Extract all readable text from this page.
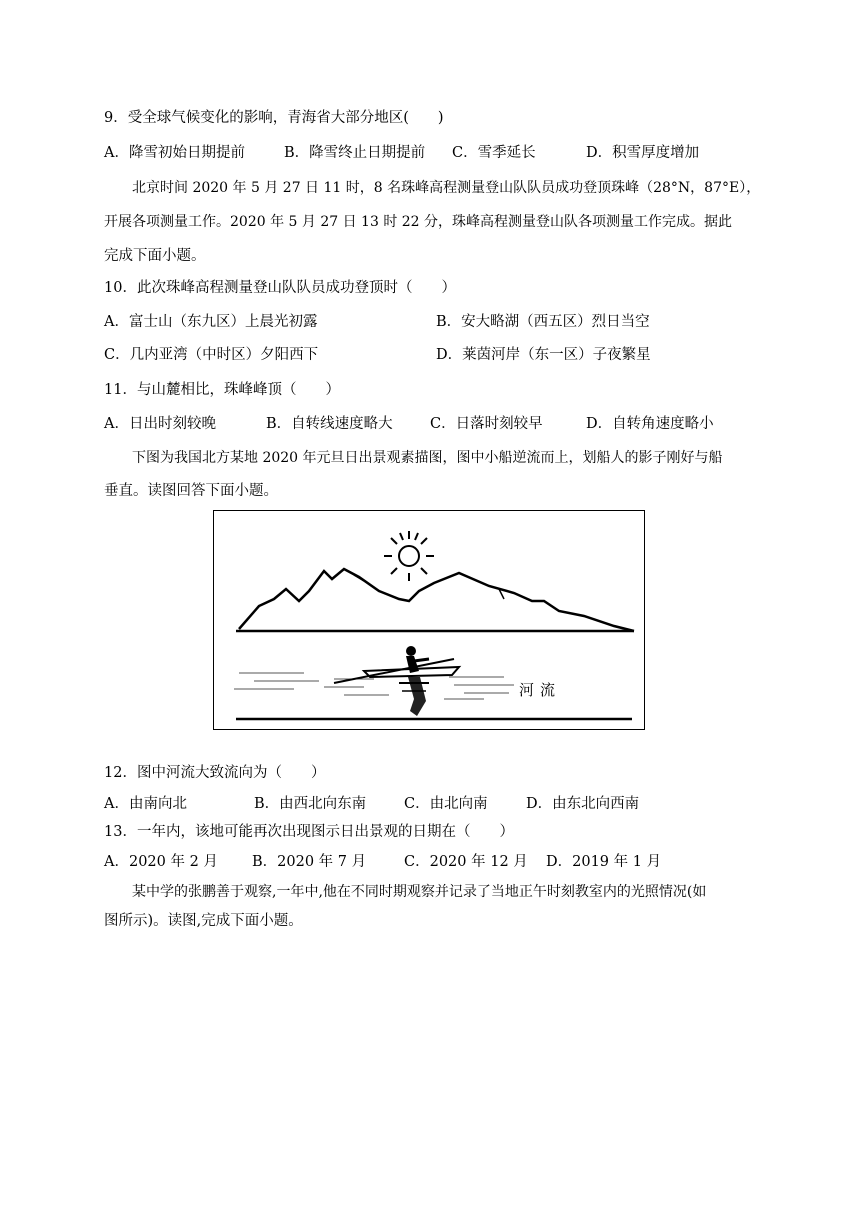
9．受全球气候变化的影响，青海省大部分地区(　　)
A．降雪初始日期提前	B．降雪终止日期提前 C．雪季延长	D．积雪厚度增加
北京时间 2020 年 5 月 27 日 11 时，8 名珠峰高程测量登山队队员成功登顶珠峰（28°N，87°E），
开展各项测量工作。2020 年 5 月 27 日 13 时 22 分，珠峰高程测量登山队各项测量工作完成。据此
完成下面小题。
10．此次珠峰高程测量登山队队员成功登顶时（　　）
A．富士山（东九区）上晨光初露	B．安大略湖（西五区）烈日当空
C．几内亚湾（中时区）夕阳西下	D．莱茵河岸（东一区）子夜繁星
11．与山麓相比，珠峰峰顶（　　）
A．日出时刻较晚	B．自转线速度略大	C．日落时刻较早	D．自转角速度略小
下图为我国北方某地 2020 年元旦日出景观素描图，图中小船逆流而上，划船人的影子刚好与船
垂直。读图回答下面小题。
河流
12．图中河流大致流向为（　　）
A．由南向北	B．由西北向东南	C．由北向南	D．由东北向西南
13．一年内，该地可能再次出现图示日出景观的日期在（　　）
A．2020 年 2 月 B．2020 年 7 月	C．2020 年 12 月 D．2019 年 1 月
某中学的张鹏善于观察,一年中,他在不同时期观察并记录了当地正午时刻教室内的光照情况(如
图所示)。读图,完成下面小题。
